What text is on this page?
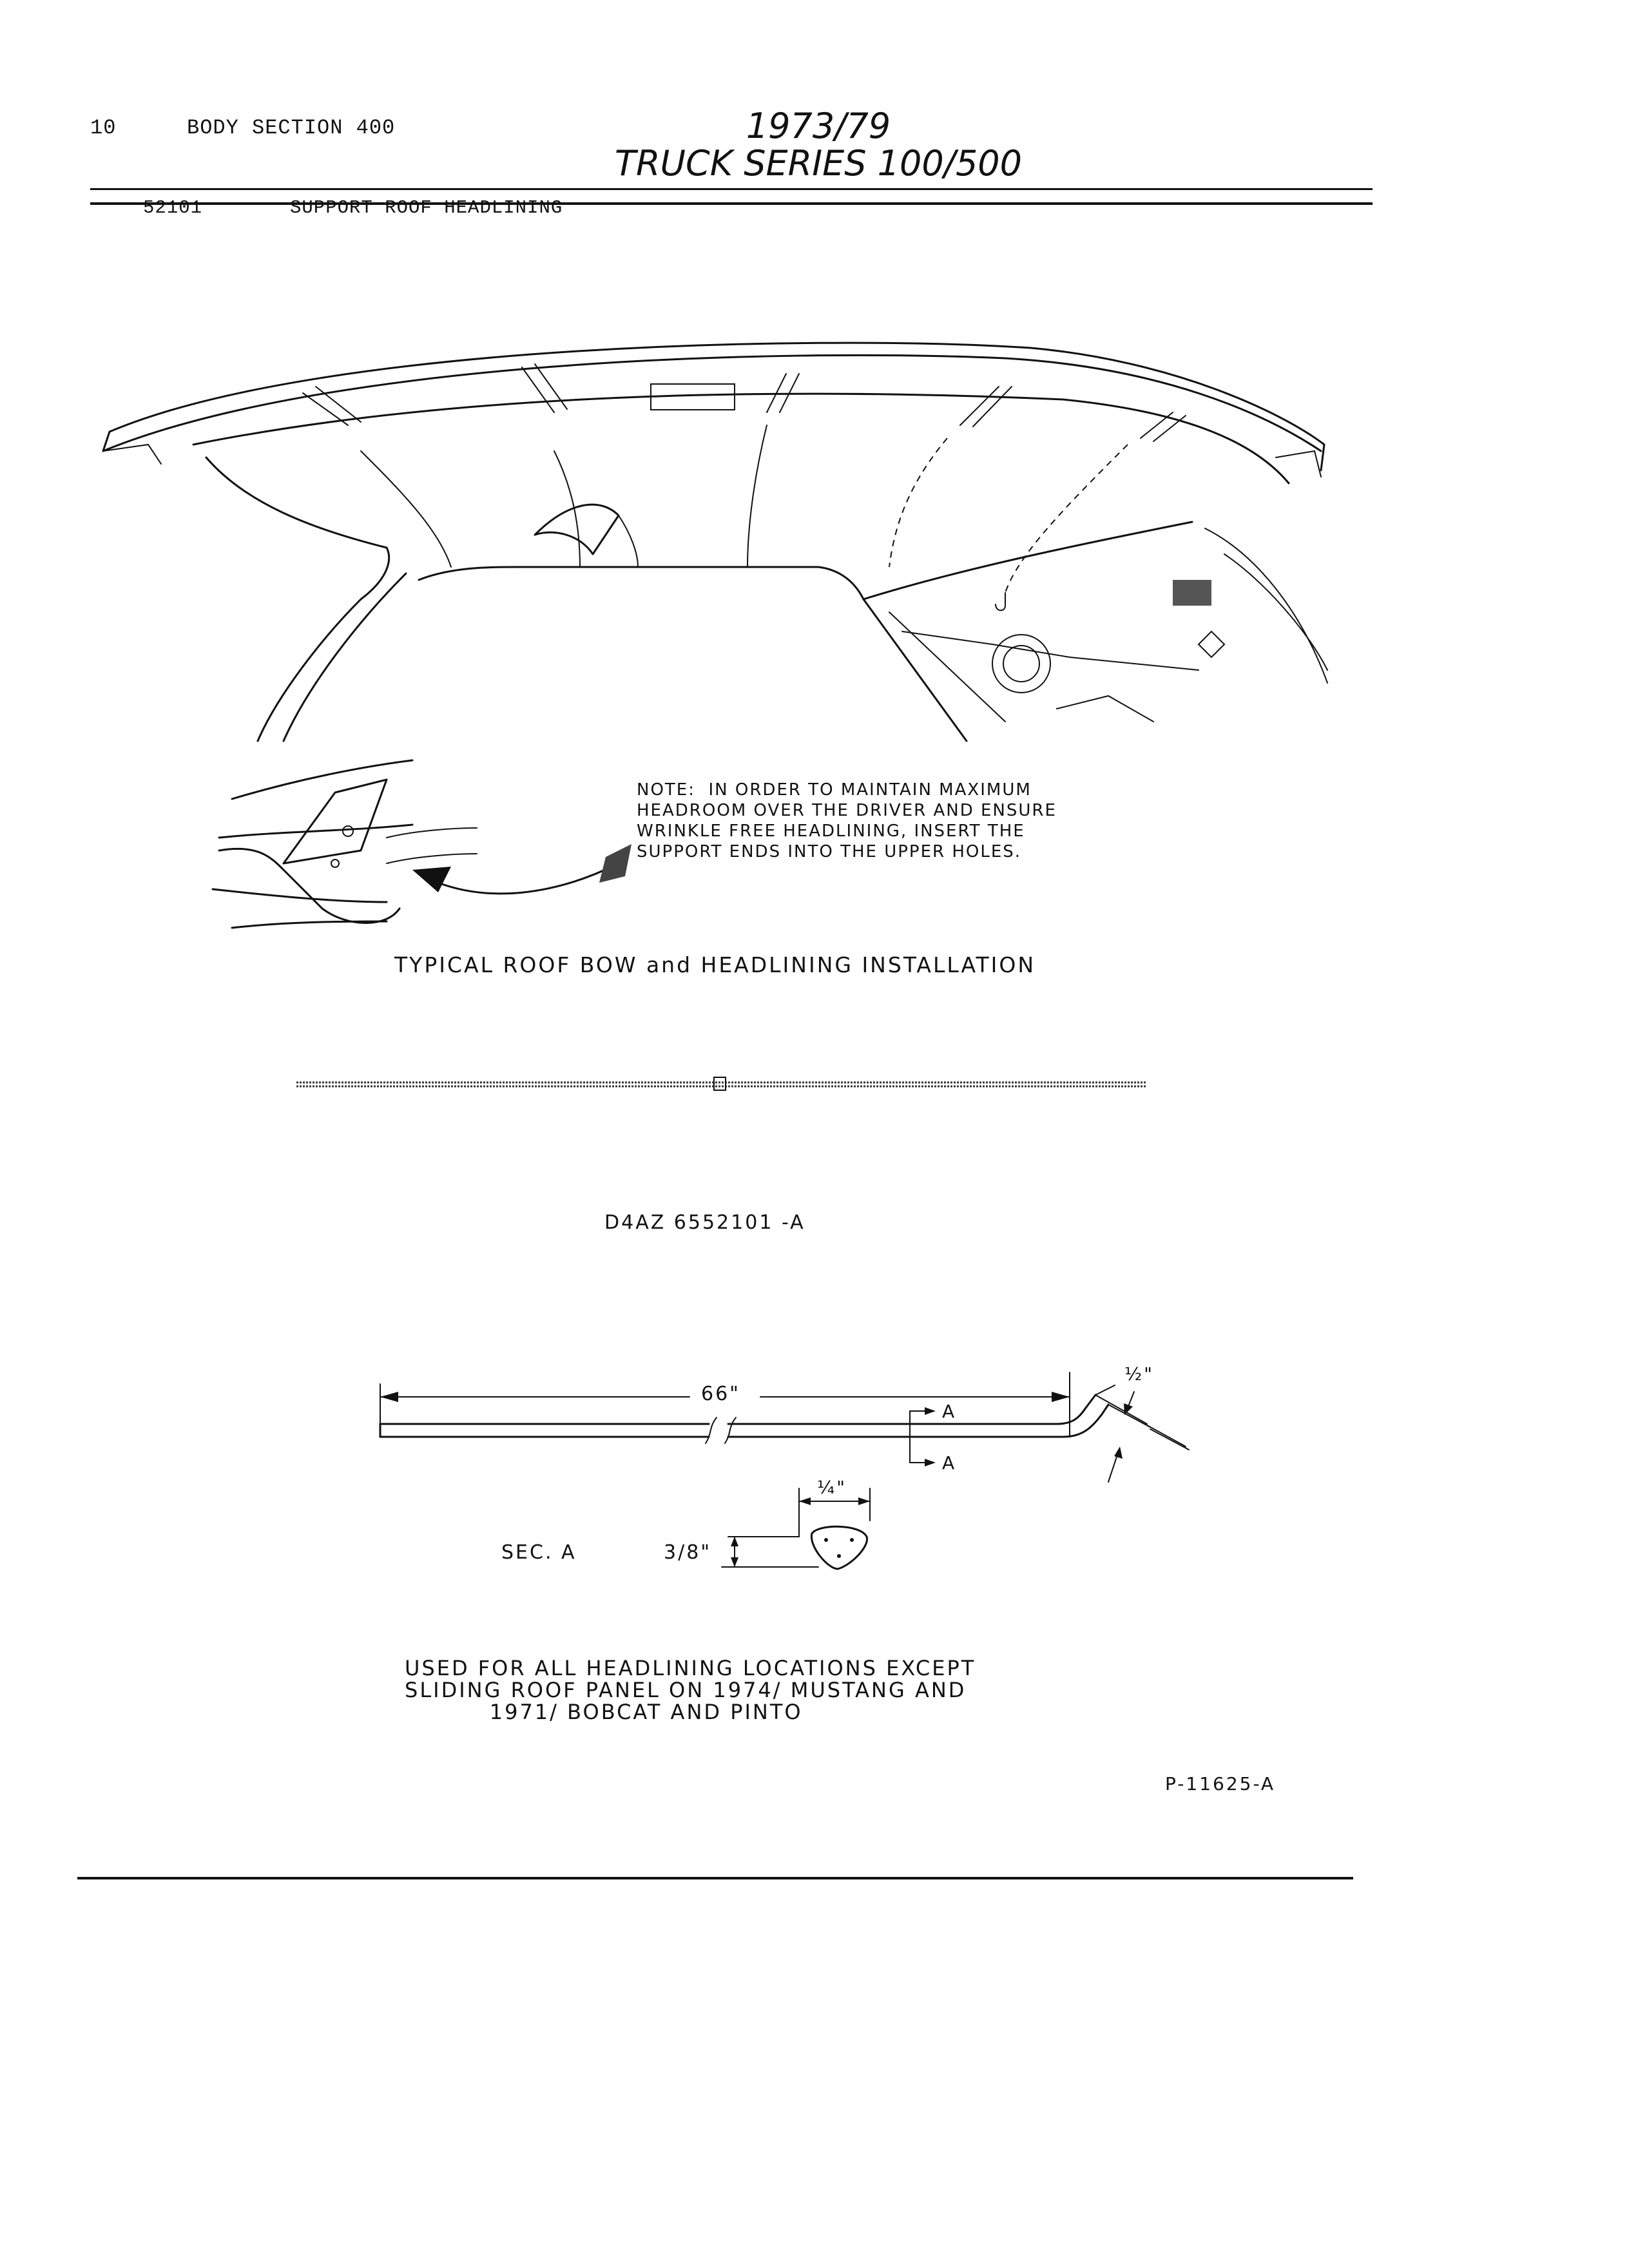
10	BODY SECTION 400	1973/79
TRUCK SERIES 100/500
52101	SUPPORT ROOF HEADLINING
NOTE:  IN ORDER TO MAINTAIN MAXIMUM
HEADROOM OVER THE DRIVER AND ENSURE
WRINKLE FREE HEADLINING, INSERT THE
SUPPORT ENDS INTO THE UPPER HOLES.
TYPICAL ROOF BOW and HEADLINING INSTALLATION
D4AZ 6552101 -A
66"
½"
A
A
¼"
SEC. A	3/8"
USED FOR ALL HEADLINING LOCATIONS EXCEPT
SLIDING ROOF PANEL ON 1974/ MUSTANG AND
1971/ BOBCAT AND PINTO
P-11625-A
